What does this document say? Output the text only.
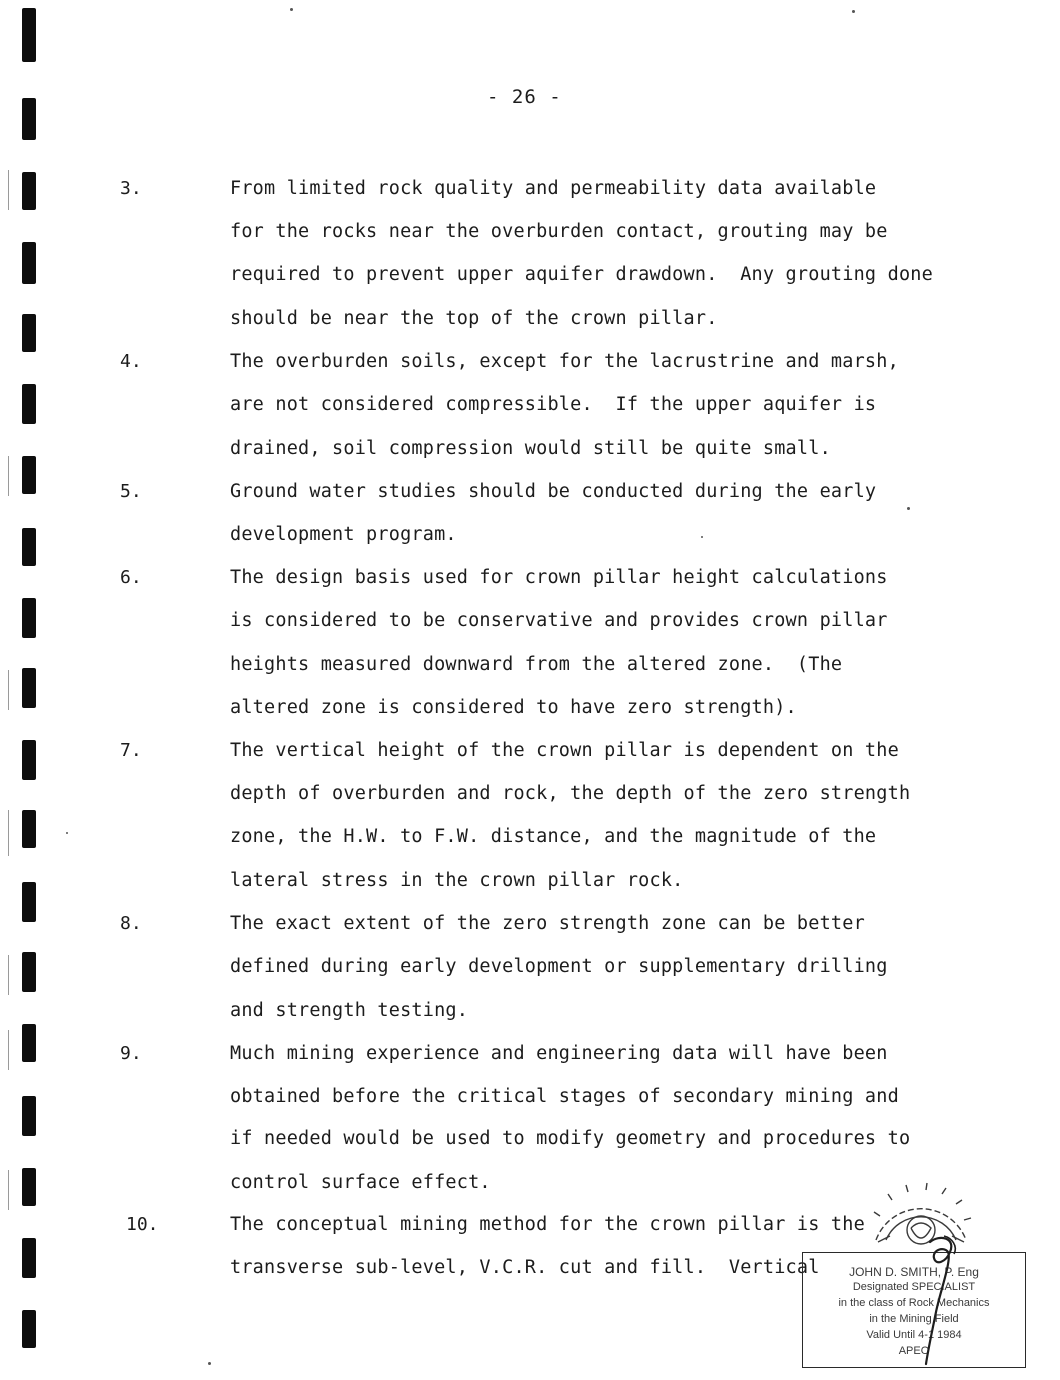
- 26 -
3.	From limited rock quality and permeability data available
for the rocks near the overburden contact, grouting may be
required to prevent upper aquifer drawdown.  Any grouting done
should be near the top of the crown pillar.
4.	The overburden soils, except for the lacrustrine and marsh,
are not considered compressible.  If the upper aquifer is
drained, soil compression would still be quite small.
5.	Ground water studies should be conducted during the early
development program.
6.	The design basis used for crown pillar height calculations
is considered to be conservative and provides crown pillar
heights measured downward from the altered zone.  (The
altered zone is considered to have zero strength).
7.	The vertical height of the crown pillar is dependent on the
depth of overburden and rock, the depth of the zero strength
zone, the H.W. to F.W. distance, and the magnitude of the
lateral stress in the crown pillar rock.
8.	The exact extent of the zero strength zone can be better
defined during early development or supplementary drilling
and strength testing.
9.	Much mining experience and engineering data will have been
obtained before the critical stages of secondary mining and
if needed would be used to modify geometry and procedures to
control surface effect.
10.	The conceptual mining method for the crown pillar is the
transverse sub-level, V.C.R. cut and fill.  Vertical	JOHN D. SMITH, P. Eng
Designated SPECIALIST
in the class of Rock Mechanics
in the Mining Field
Valid Until 4-1 1984
APEO
